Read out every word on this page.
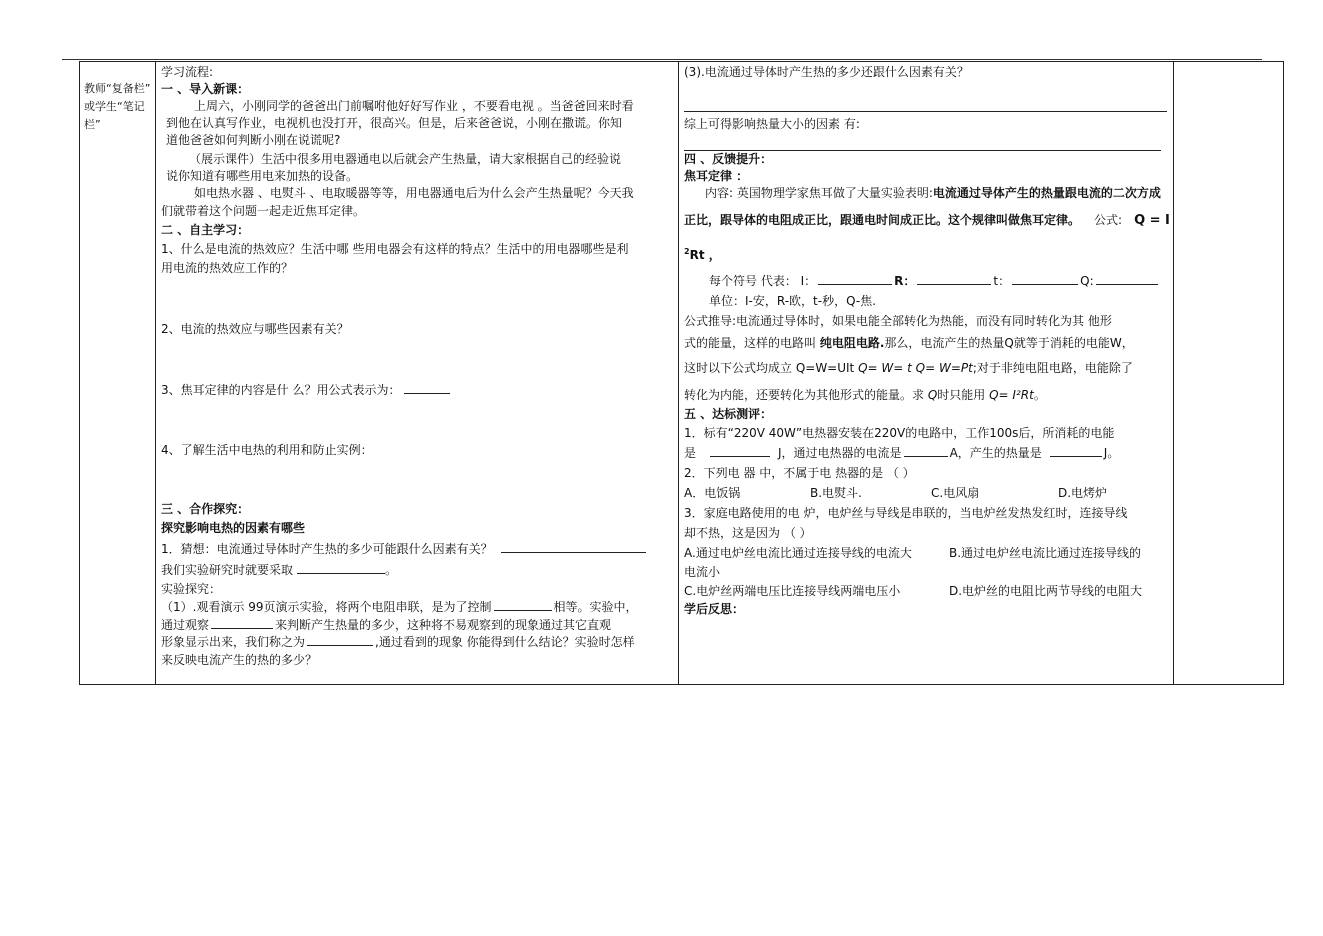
教师“复备栏”
或学生“笔记
栏”
学习流程:
一 、导入新课：
上周六，小刚同学的爸爸出门前嘱咐他好好写作业 ，不要看电视 。当爸爸回来时看
到他在认真写作业，电视机也没打开，很高兴。但是，后来爸爸说，小刚在撒谎。你知
道他爸爸如何判断小刚在说谎呢?
（展示课件）生活中很多用电器通电以后就会产生热量，请大家根据自己的经验说
说你知道有哪些用电来加热的设备。
如电热水器 、电熨斗 、电取暖器等等，用电器通电后为什么会产生热量呢？今天我
们就带着这个问题一起走近焦耳定律。
二 、自主学习：
1、什么是电流的热效应？生活中哪 些用电器会有这样的特点？生活中的用电器哪些是利
用电流的热效应工作的？
2、电流的热效应与哪些因素有关？
3、焦耳定律的内容是什 么？用公式表示为：
4、了解生活中电热的利用和防止实例：
三 、合作探究：
探究影响电热的因素有哪些
1．猜想：电流通过导体时产生热的多少可能跟什么因素有关？
我们实验研究时就要采取	。
实验探究：
（1）.观看演示 99页演示实验，将两个电阻串联，是为了控制	相等。实验中，
通过观察	来判断产生热量的多少，这种将不易观察到的现象通过其它直观
形象显示出来，我们称之为	,通过看到的现象 你能得到什么结论？实验时怎样
来反映电流产生的热的多少？
(3).电流通过导体时产生热的多少还跟什么因素有关？
综上可得影响热量大小的因素 有:
四 、反馈提升：
焦耳定律 ：
内容: 英国物理学家焦耳做了大量实验表明:电流通过导体产生的热量跟电流的二次方成
正比，跟导体的电阻成正比，跟通电时间成正比。这个规律叫做焦耳定律。 公式: Q = I
$^2$Rt ，
每个符号 代表： I：	R：	t：	Q:
单位：I-安，R-欧，t-秒，Q-焦.
公式推导:电流通过导体时，如果电能全部转化为热能，而没有同时转化为其 他形
式的能量，这样的电路叫 纯电阻电路.那么，电流产生的热量Q就等于消耗的电能W，
这时以下公式均成立 Q=W=UIt Q= W= t Q= W=Pt;对于非纯电阻电路，电能除了
转化为内能，还要转化为其他形式的能量。求 Q时只能用 Q= I²Rt。
五 、达标测评：
1．标有“220V 40W”电热器安装在220V的电路中，工作100s后，所消耗的电能
是	J，通过电热器的电流是	A，产生的热量是	J。
2．下列电 器 中，不属于电 热器的是 （ ）
A．电饭锅	B.电熨斗.	C.电风扇	D.电烤炉
3．家庭电路使用的电 炉，电炉丝与导线是串联的，当电炉丝发热发红时，连接导线
却不热，这是因为 （ ）
A.通过电炉丝电流比通过连接导线的电流大	B.通过电炉丝电流比通过连接导线的
电流小
C.电炉丝两端电压比连接导线两端电压小	D.电炉丝的电阻比两节导线的电阻大
学后反思：
